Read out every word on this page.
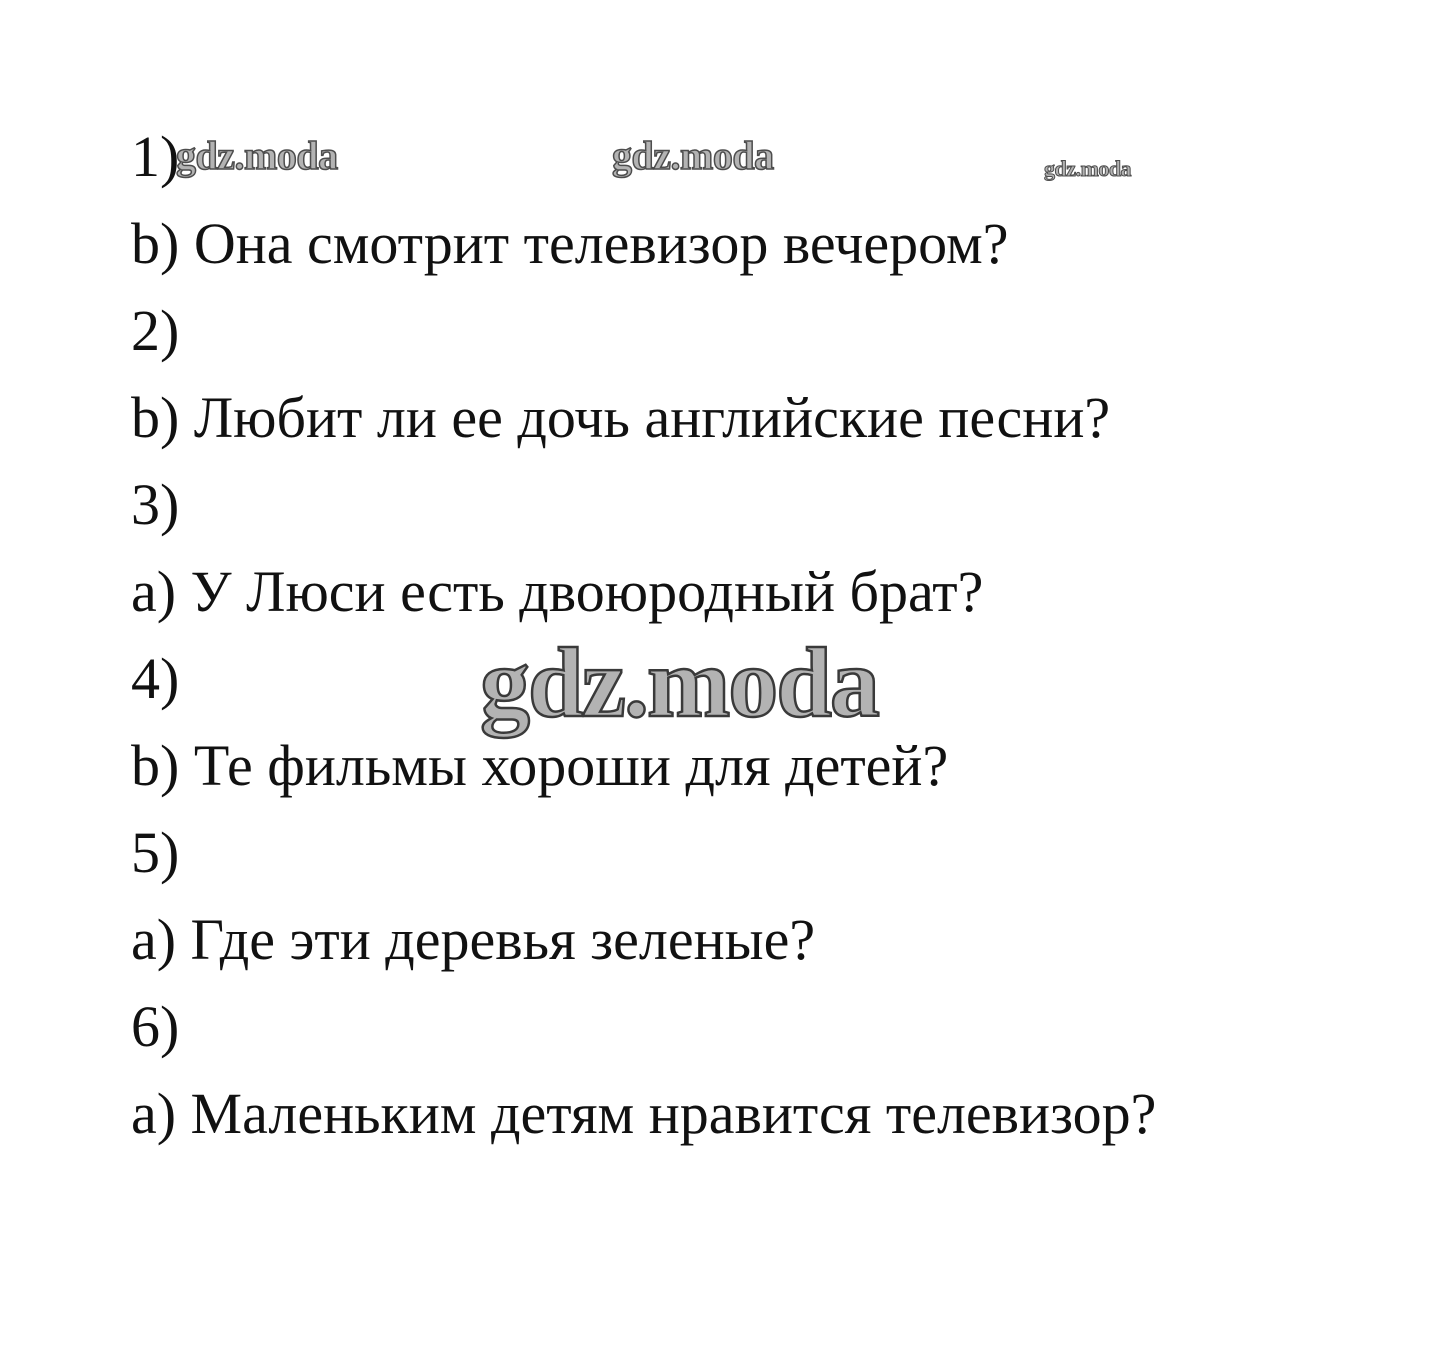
1)
b) Она смотрит телевизор вечером?
2)
b) Любит ли ее дочь английские песни?
3)
a) У Люси есть двоюродный брат?
4)
b) Те фильмы хороши для детей?
5)
a) Где эти деревья зеленые?
6)
a) Маленьким детям нравится телевизор?
gdz.moda	gdz.moda	gdz.moda
gdz.moda
